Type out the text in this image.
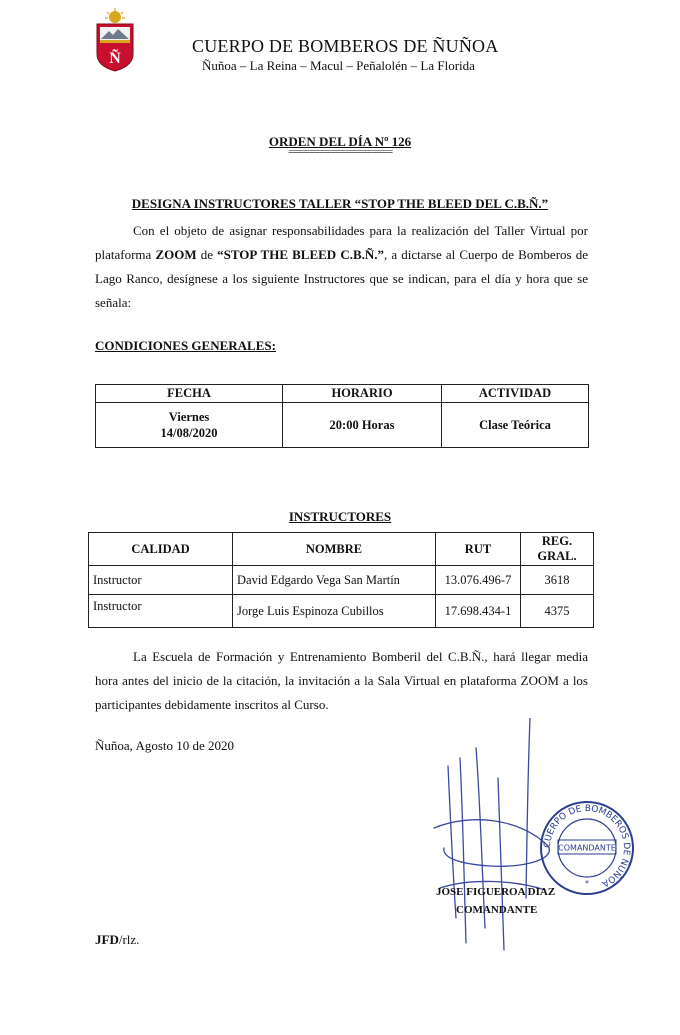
Ñ
CUERPO DE BOMBEROS DE ÑUÑOA
Ñuñoa – La Reina – Macul – Peñalolén – La Florida
ORDEN DEL DÍA Nº 126
====================
DESIGNA INSTRUCTORES TALLER “STOP THE BLEED DEL C.B.Ñ.”
Con el objeto de asignar responsabilidades para la realización del Taller Virtual por plataforma ZOOM de “STOP THE BLEED C.B.Ñ.”, a dictarse al Cuerpo de Bomberos de Lago Ranco, desígnese a los siguiente Instructores que se indican, para el día y hora que se señala:
CONDICIONES GENERALES:
FECHA	HORARIO	ACTIVIDAD

Viernes
14/08/2020	20:00 Horas	Clase Teórica
INSTRUCTORES
CALIDAD	NOMBRE	RUT	REG.
GRAL.

Instructor	David Edgardo Vega San Martín	13.076.496-7	3618
Instructor	Jorge Luis Espinoza Cubillos	17.698.434-1	4375
La Escuela de Formación y Entrenamiento Bomberil del C.B.Ñ., hará llegar media hora antes del inicio de la citación, la invitación a la Sala Virtual en plataforma ZOOM a los participantes debidamente inscritos al Curso.
Ñuñoa, Agosto 10 de 2020
CUERPO DE BOMBEROS DE ÑUÑOA
COMANDANTE
*
JOSE FIGUEROA DIAZ
COMANDANTE
JFD/rlz.
